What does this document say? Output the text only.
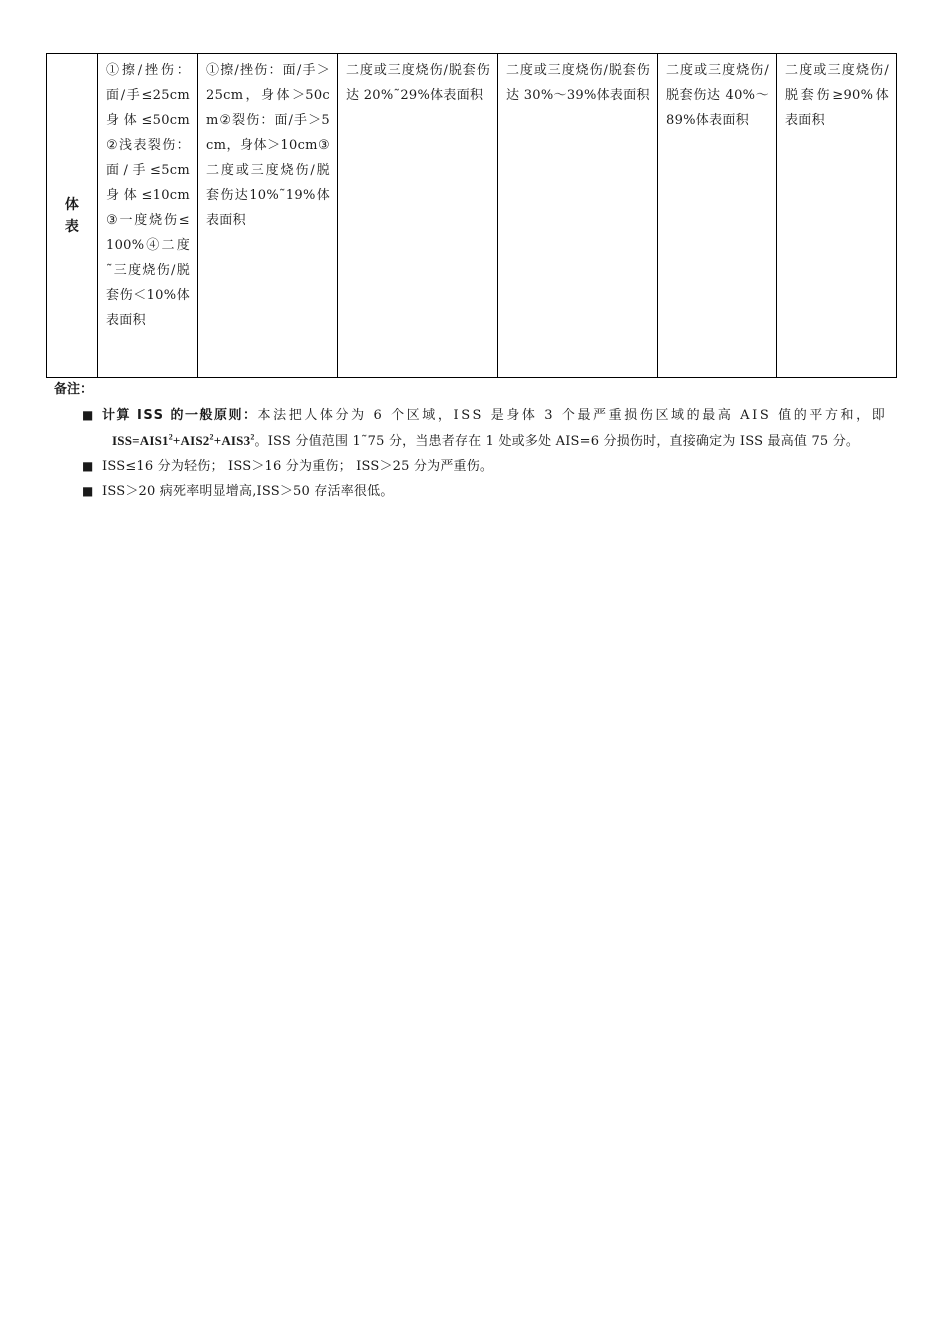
体
表
	①擦/挫伤：面/手≤25cm 身体≤50cm②浅表裂伤：面/手≤5cm 身体≤10cm③一度烧伤≤100%④二度˜三度烧伤/脱套伤＜10%体表面积	①擦/挫伤：面/手＞25cm，身体＞50cm②裂伤：面/手＞5cm，身体＞10cm③二度或三度烧伤/脱套伤达10%˜19%体表面积	二度或三度烧伤/脱套伤达 20%˜29%体表面积	二度或三度烧伤/脱套伤达 30%～39%体表面积	二度或三度烧伤/脱套伤达 40%～89%体表面积	二度或三度烧伤/脱套伤≥90%体表面积
备注：
■ 计算 ISS 的一般原则：本法把人体分为 6 个区域，ISS 是身体 3 个最严重损伤区域的最高 AIS 值的平方和，即
$ISS=AIS1^2+AIS2^2+AIS3^2$。ISS 分值范围 1˜75 分，当患者存在 1 处或多处 AIS=6 分损伤时，直接确定为 ISS 最高值 75 分。
■ ISS≤16 分为轻伤； ISS＞16 分为重伤； ISS＞25 分为严重伤。
■ ISS＞20 病死率明显增高,ISS＞50 存活率很低。
